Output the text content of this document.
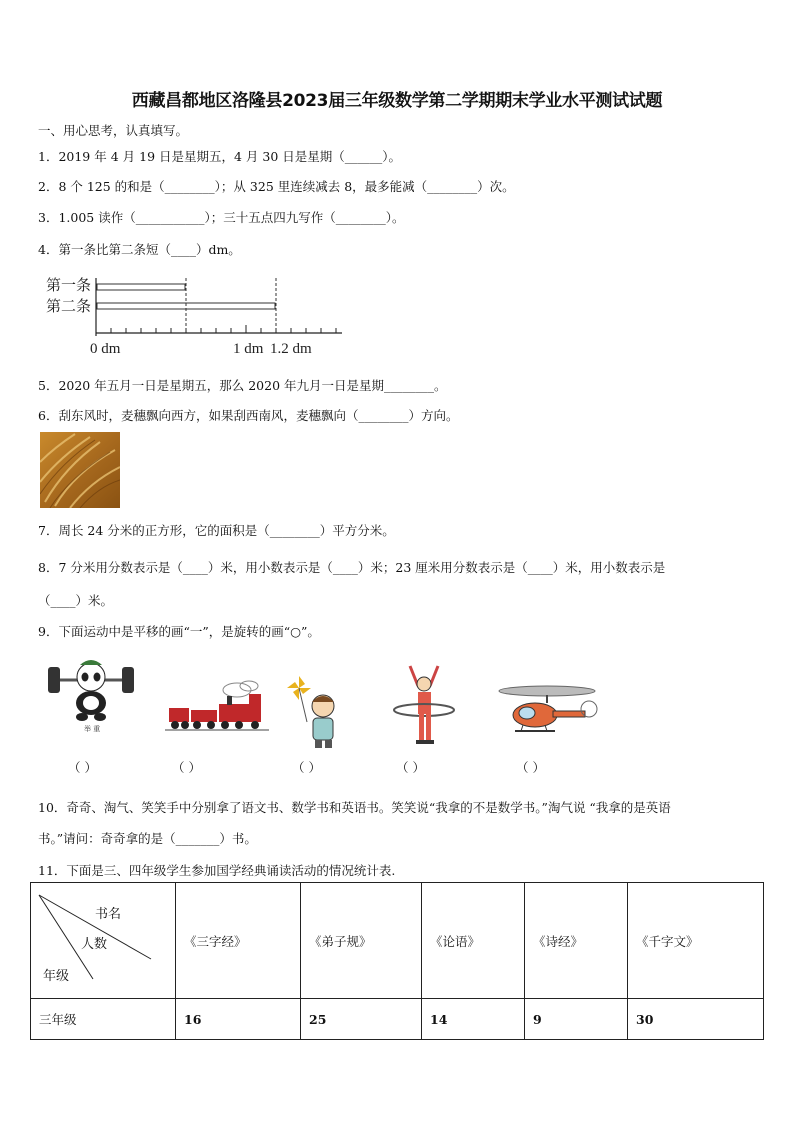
西藏昌都地区洛隆县2023届三年级数学第二学期期末学业水平测试试题
一、用心思考，认真填写。
1．2019 年 4 月 19 日是星期五，4 月 30 日是星期（______）。
2．8 个 125 的和是（________）；从 325 里连续减去 8，最多能减（________）次。
3．1.005 读作（___________）；三十五点四九写作（________）。
4．第一条比第二条短（____）dm。
第一条
第二条
0 dm	1 dm 1.2 dm
5．2020 年五月一日是星期五，那么 2020 年九月一日是星期________。
6．刮东风时，麦穗飘向西方，如果刮西南风，麦穗飘向（________）方向。
7．周长 24 分米的正方形，它的面积是（________）平方分米。
8．7 分米用分数表示是（____）米，用小数表示是（____）米；23 厘米用分数表示是（____）米，用小数表示是
（____）米。
9．下面运动中是平移的画“一”，是旋转的画“○”。
举 重
（ ）	（ ）	（ ）	（ ）	（ ）
10．奇奇、淘气、笑笑手中分别拿了语文书、数学书和英语书。笑笑说“我拿的不是数学书。”淘气说 “我拿的是英语
书。”请问：奇奇拿的是（_______）书。
11．下面是三、四年级学生参加国学经典诵读活动的情况统计表.
书名
人数
年级	《三字经》	《弟子规》	《论语》	《诗经》	《千字文》
三年级	16	25	14	9	30
